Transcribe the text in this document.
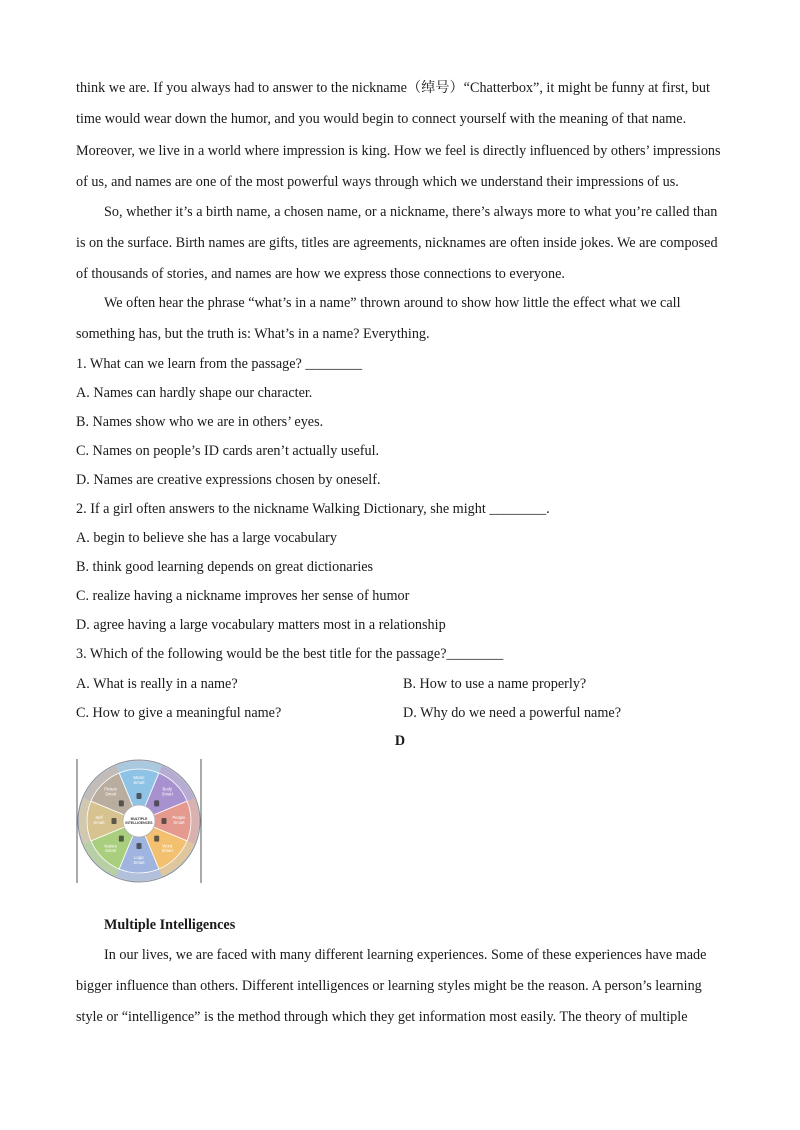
think we are. If you always had to answer to the nickname（绰号）“Chatterbox”, it might be funny at first, but
time would wear down the humor, and you would begin to connect yourself with the meaning of that name.
Moreover, we live in a world where impression is king. How we feel is directly influenced by others’ impressions
of us, and names are one of the most powerful ways through which we understand their impressions of us.
So, whether it’s a birth name, a chosen name, or a nickname, there’s always more to what you’re called than
is on the surface. Birth names are gifts, titles are agreements, nicknames are often inside jokes. We are composed
of thousands of stories, and names are how we express those connections to everyone.
We often hear the phrase “what’s in a name” thrown around to show how little the effect what we call
something has, but the truth is: What’s in a name? Everything.
1. What can we learn from the passage? ________
A. Names can hardly shape our character.
B. Names show who we are in others’ eyes.
C. Names on people’s ID cards aren’t actually useful.
D. Names are creative expressions chosen by oneself.
2. If a girl often answers to the nickname Walking Dictionary, she might ________.
A. begin to believe she has a large vocabulary
B. think good learning depends on great dictionaries
C. realize having a nickname improves her sense of humor
D. agree having a large vocabulary matters most in a relationship
3. Which of the following would be the best title for the passage?________
A. What is really in a name?	B. How to use a name properly?
C. How to give a meaningful name?	D. Why do we need a powerful name?
D
Music Smart
Body Smart
People Smart
Word Smart
Logic Smart
Nature Smart
Self Smart
Picture Smart
MULTIPLE INTELLIGENCES
Multiple Intelligences
In our lives, we are faced with many different learning experiences. Some of these experiences have made
bigger influence than others. Different intelligences or learning styles might be the reason. A person’s learning
style or “intelligence” is the method through which they get information most easily. The theory of multiple
